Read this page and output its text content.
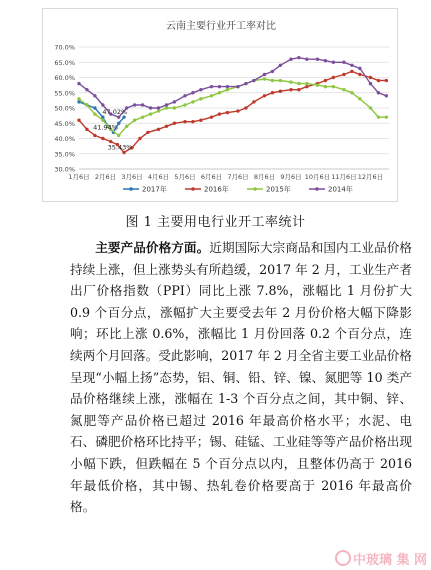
云南主要行业开工率对比
30.0%
35.0%
40.0%
45.0%
50.0%
55.0%
60.0%
65.0%
70.0%
1月6日 2月6日 3月6日 4月6日 5月6日 6月6日 7月6日 8月6日 9月6日 10月6日 11月6日 12月6日
47.02%
41.94%
35.43%
2017年	2016年	2015年	2014年
图 1 主要用电行业开工率统计

主要产品价格方面。近期国际大宗商品和国内工业品价格持续上涨，但上涨势头有所趋缓，2017 年 2 月，工业生产者出厂价格指数（PPI）同比上涨 7.8%，涨幅比 1 月份扩大 0.9 个百分点，涨幅扩大主要受去年 2 月份价格大幅下降影响；环比上涨 0.6%，涨幅比 1 月份回落 0.2 个百分点，连续两个月回落。受此影响，2017 年 2 月全省主要工业品价格呈现“小幅上扬”态势，铝、铜、铅、锌、镍、氮肥等 10 类产品价格继续上涨，涨幅在 1-3 个百分点之间，其中铜、锌、氮肥等产品价格已超过 2016 年最高价格水平；水泥、电石、磷肥价格环比持平；锡、硅锰、工业硅等等产品价格出现小幅下跌，但跌幅在 5 个百分点以内，且整体仍高于 2016 年最低价格，其中锡、热轧卷价格要高于 2016 年最高价格。

中玻璃 集 网
